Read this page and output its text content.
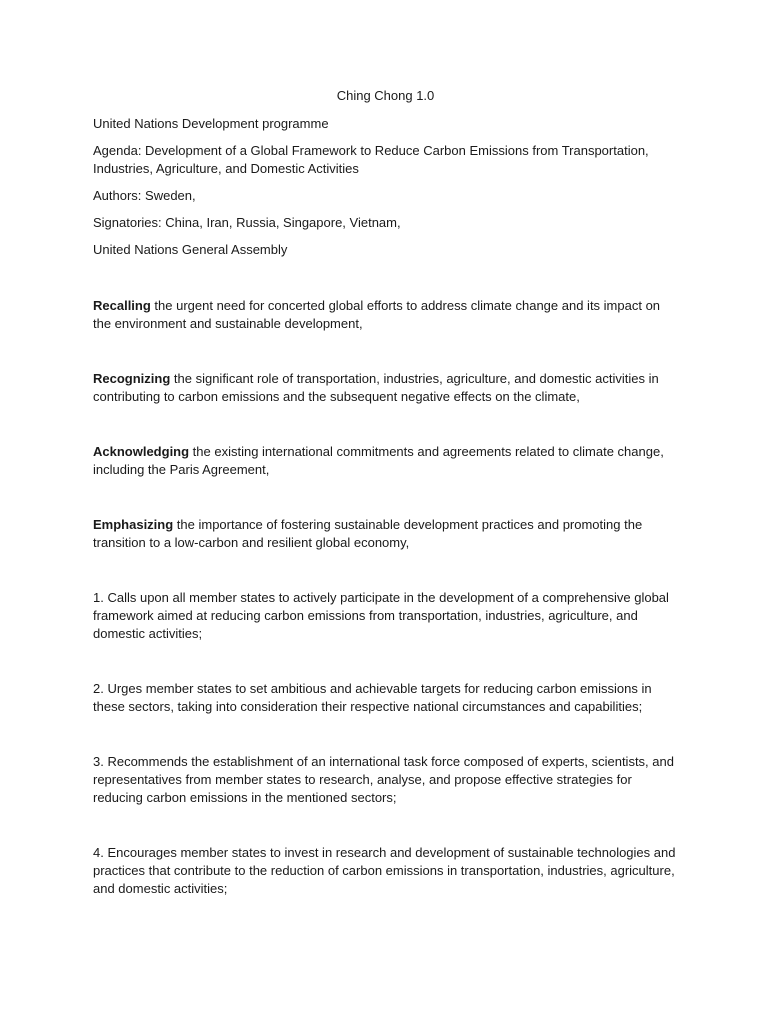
Ching Chong 1.0

United Nations Development programme

Agenda: Development of a Global Framework to Reduce Carbon Emissions from Transportation, Industries, Agriculture, and Domestic Activities

Authors: Sweden,

Signatories: China, Iran, Russia, Singapore, Vietnam,

United Nations General Assembly

Recalling the urgent need for concerted global efforts to address climate change and its impact on the environment and sustainable development,

Recognizing the significant role of transportation, industries, agriculture, and domestic activities in contributing to carbon emissions and the subsequent negative effects on the climate,

Acknowledging the existing international commitments and agreements related to climate change, including the Paris Agreement,

Emphasizing the importance of fostering sustainable development practices and promoting the transition to a low-carbon and resilient global economy,

1. Calls upon all member states to actively participate in the development of a comprehensive global framework aimed at reducing carbon emissions from transportation, industries, agriculture, and domestic activities;

2. Urges member states to set ambitious and achievable targets for reducing carbon emissions in these sectors, taking into consideration their respective national circumstances and capabilities;

3. Recommends the establishment of an international task force composed of experts, scientists, and representatives from member states to research, analyse, and propose effective strategies for reducing carbon emissions in the mentioned sectors;

4. Encourages member states to invest in research and development of sustainable technologies and practices that contribute to the reduction of carbon emissions in transportation, industries, agriculture, and domestic activities;
